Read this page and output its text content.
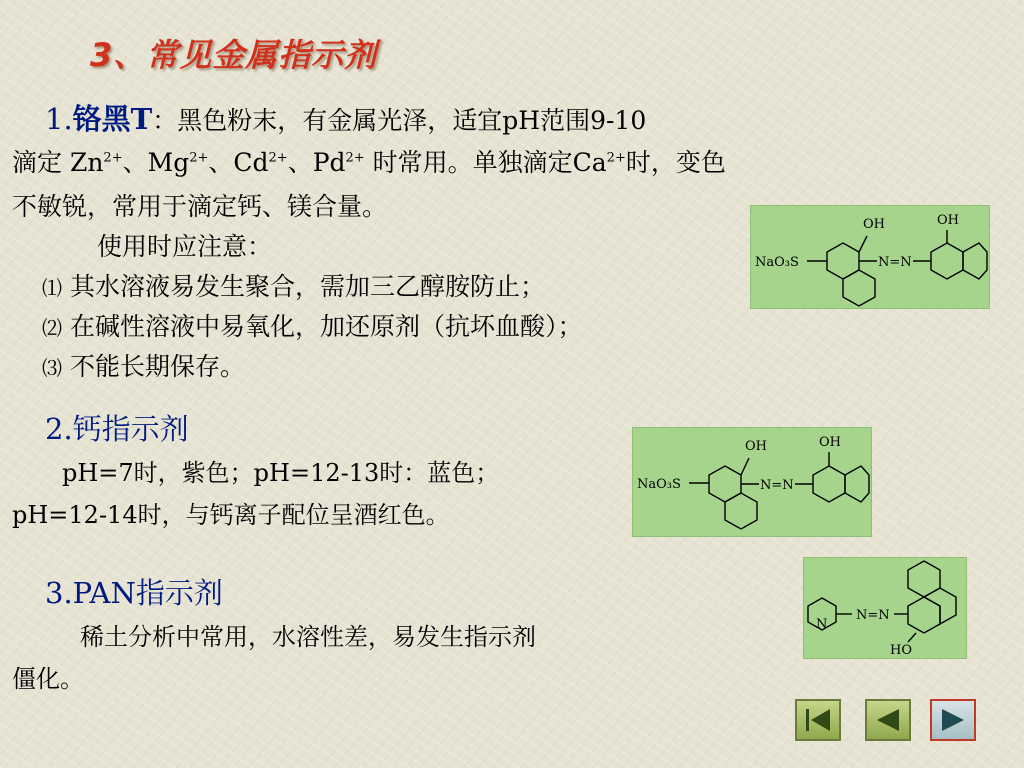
3、常见金属指示剂
1.铬黑T：黑色粉末，有金属光泽，适宜pH范围9-10
滴定 $Zn^{2+}$、$Mg^{2+}$、$Cd^{2+}$、$Pd^{2+}$ 时常用。单独滴定$Ca^{2+}$时，变色
不敏锐，常用于滴定钙、镁合量。
使用时应注意：
⑴ 其水溶液易发生聚合，需加三乙醇胺防止；
⑵ 在碱性溶液中易氧化，加还原剂（抗坏血酸）；
⑶ 不能长期保存。
NaO₃S
OH
N=N
OH
2.钙指示剂
pH=7时，紫色；pH=12-13时：蓝色；
pH=12-14时，与钙离子配位呈酒红色。
NaO₃S
OH
N=N
OH
3.PAN指示剂
稀土分析中常用，水溶性差，易发生指示剂
僵化。
N
N=N
HO
